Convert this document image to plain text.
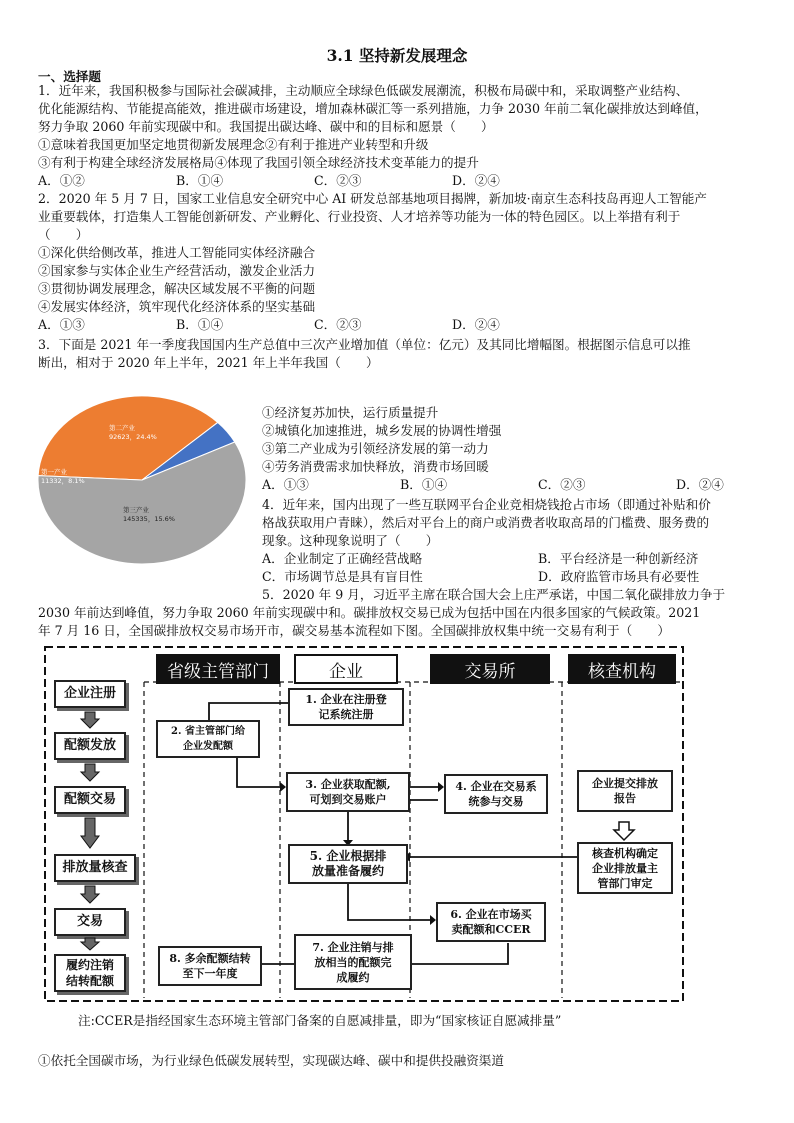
3.1 坚持新发展理念
一、选择题
1．近年来，我国积极参与国际社会碳减排，主动顺应全球绿色低碳发展潮流，积极布局碳中和，采取调整产业结构、
优化能源结构、节能提高能效，推进碳市场建设，增加森林碳汇等一系列措施，力争 2030 年前二氧化碳排放达到峰值，
努力争取 2060 年前实现碳中和。我国提出碳达峰、碳中和的目标和愿景（　　）
①意味着我国更加坚定地贯彻新发展理念②有利于推进产业转型和升级
③有利于构建全球经济发展格局④体现了我国引领全球经济技术变革能力的提升
A．①②	B．①④	C．②③	D．②④
2．2020 年 5 月 7 日，国家工业信息安全研究中心 AI 研发总部基地项目揭牌，新加坡·南京生态科技岛再迎人工智能产
业重要载体，打造集人工智能创新研发、产业孵化、行业投资、人才培养等功能为一体的特色园区。以上举措有利于
（　　）
①深化供给侧改革，推进人工智能同实体经济融合
②国家参与实体企业生产经营活动，激发企业活力
③贯彻协调发展理念，解决区域发展不平衡的问题
④发展实体经济，筑牢现代化经济体系的坚实基础
A．①③	B．①④	C．②③	D．②④
3．下面是 2021 年一季度我国国内生产总值中三次产业增加值（单位：亿元）及其同比增幅图。根据图示信息可以推
断出，相对于 2020 年上半年，2021 年上半年我国（　　）
第二产业 92623，24.4%
第一产业 11332，8.1%
第三产业 145335，15.6%
①经济复苏加快，运行质量提升
②城镇化加速推进，城乡发展的协调性增强
③第二产业成为引领经济发展的第一动力
④劳务消费需求加快释放，消费市场回暖
A．①③	B．①④	C．②③	D．②④
4．近年来，国内出现了一些互联网平台企业竞相烧钱抢占市场（即通过补贴和价
格战获取用户青睐），然后对平台上的商户或消费者收取高昂的门槛费、服务费的
现象。这种现象说明了（　　）
A．企业制定了正确经营战略	B．平台经济是一种创新经济
C．市场调节总是具有盲目性	D．政府监管市场具有必要性
5．2020 年 9 月，习近平主席在联合国大会上庄严承诺，中国二氧化碳排放力争于
2030 年前达到峰值，努力争取 2060 年前实现碳中和。碳排放权交易已成为包括中国在内很多国家的气候政策。2021
年 7 月 16 日，全国碳排放权交易市场开市，碳交易基本流程如下图。全国碳排放权集中统一交易有利于（　　）
省级主管部门	企业	交易所	核查机构
企业注册
配额发放
配额交易
排放量核查
交易
履约注销
结转配额
1. 企业在注册登
记系统注册
2. 省主管部门给
企业发配额
3. 企业获取配额,
可划到交易账户
4. 企业在交易系
统参与交易
5. 企业根据排
放量准备履约
6. 企业在市场买
卖配额和CCER
7. 企业注销与排
放相当的配额完
成履约
8. 多余配额结转
至下一年度
企业提交排放
报告
核查机构确定
企业排放量主
管部门审定
注:CCER是指经国家生态环境主管部门备案的自愿减排量，即为“国家核证自愿减排量”
①依托全国碳市场，为行业绿色低碳发展转型，实现碳达峰、碳中和提供投融资渠道
